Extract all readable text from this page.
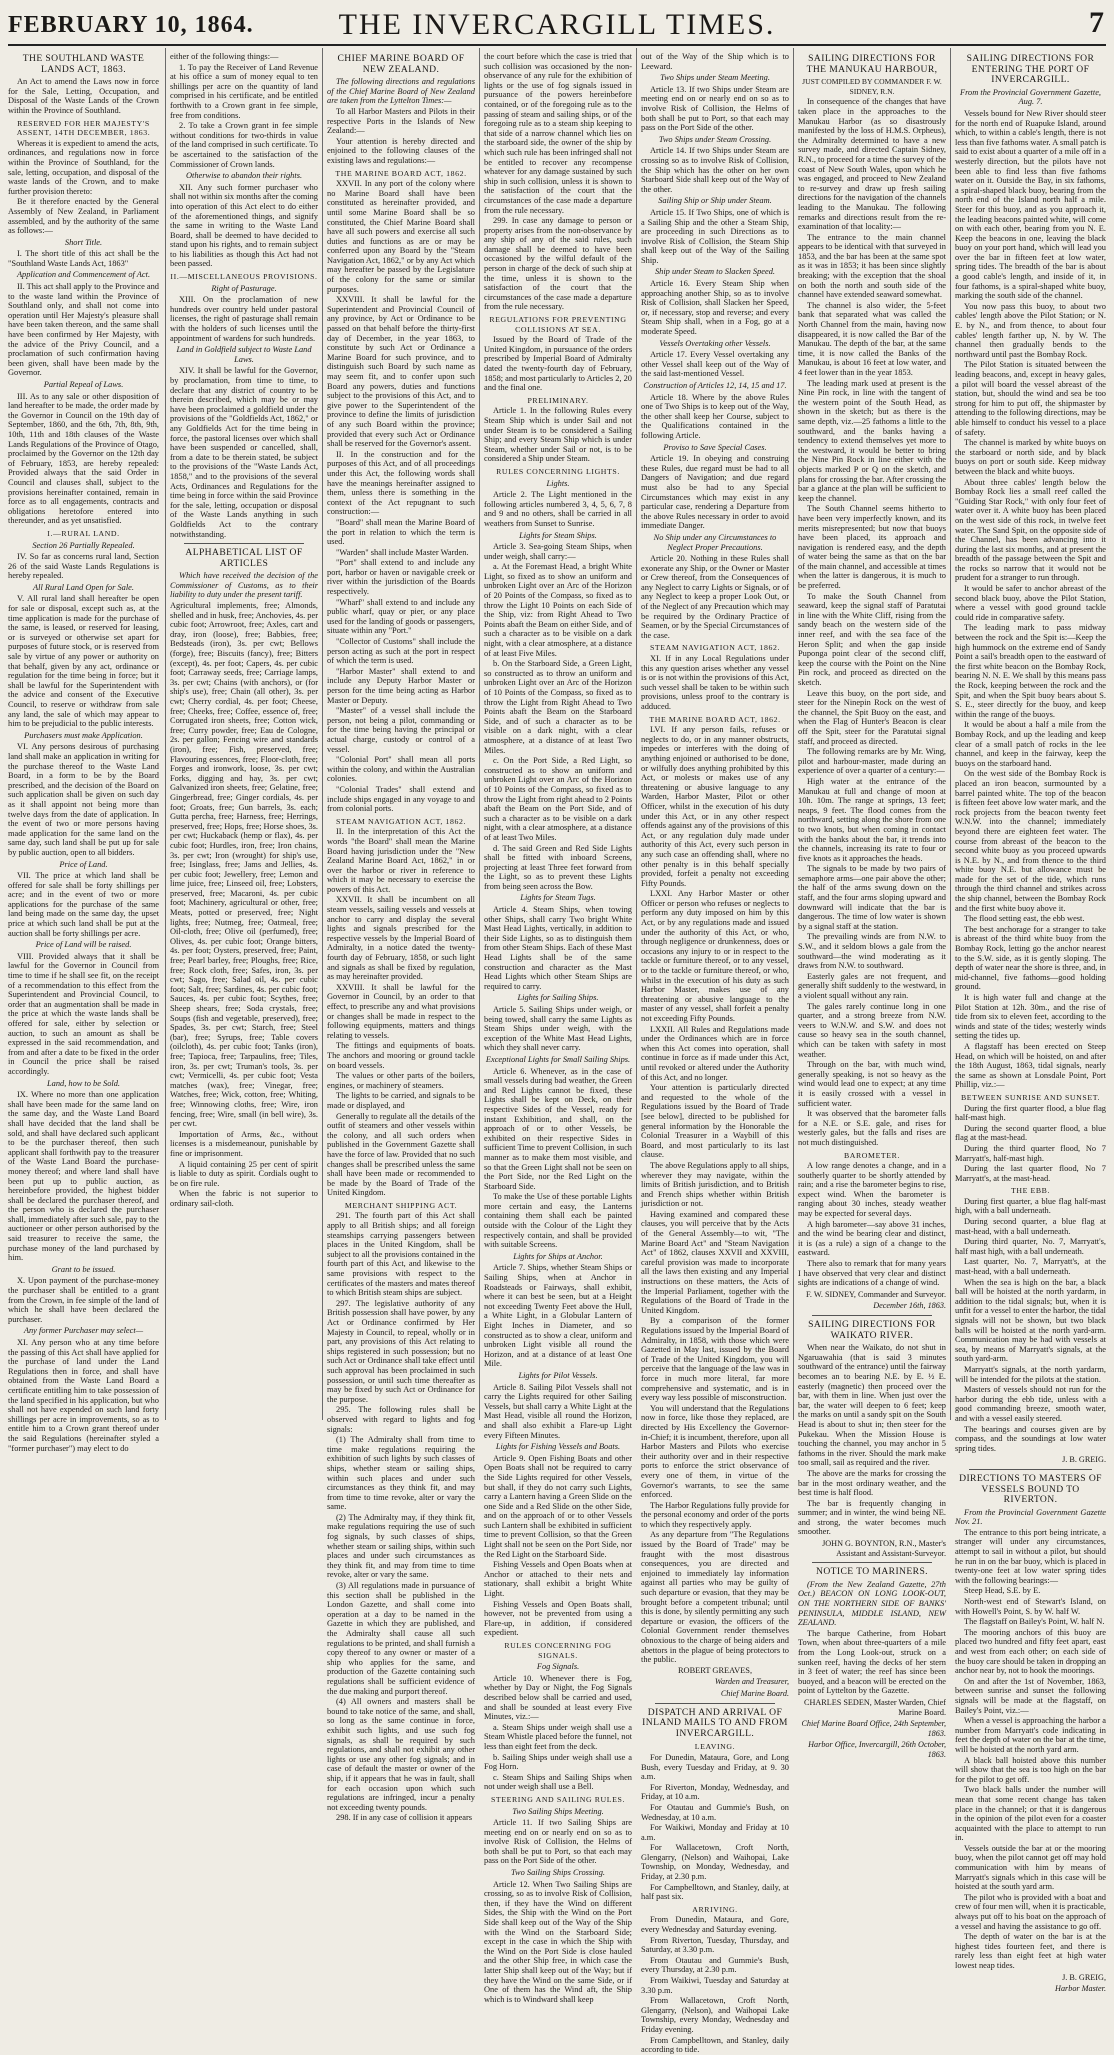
FEBRUARY 10, 1864.	THE INVERCARGILL TIMES.	7
THE SOUTHLAND WASTE LANDS ACT, 1863.

An Act to amend the Laws now in force for the Sale, Letting, Occupation, and Disposal of the Waste Lands of the Crown within the Province of Southland.

RESERVED FOR HER MAJESTY'S ASSENT, 14TH DECEMBER, 1863.

Whereas it is expedient to amend the acts, ordinances, and regulations now in force within the Province of Southland, for the sale, letting, occupation, and disposal of the waste lands of the Crown, and to make further provision thereto:

Be it therefore enacted by the General Assembly of New Zealand, in Parliament assembled, and by the authority of the same as follows:—

Short Title.

I. The short title of this act shall be the "Southland Waste Lands Act, 1863"

Application and Commencement of Act.

II. This act shall apply to the Province and to the waste land within the Province of Southland only, and shall not come into operation until Her Majesty's pleasure shall have been taken thereon, and the same shall have been confirmed by Her Majesty, with the advice of the Privy Council, and a proclamation of such confirmation having been given, shall have been made by the Governor.

Partial Repeal of Laws.

III. As to any sale or other disposition of land hereafter to be made, the order made by the Governor in Council on the 19th day of September, 1860, and the 6th, 7th, 8th, 9th, 10th, 11th and 18th clauses of the Waste Lands Regulations of the Province of Otago, proclaimed by the Governor on the 12th day of February, 1853, are hereby repealed: Provided always that the said Order in Council and clauses shall, subject to the provisions hereinafter contained, remain in force as to all engagements, contracts and obligations heretofore entered into thereunder, and as yet unsatisfied.

I.—RURAL LAND.
Section 26 Partially Repealed.

IV. So far as concerns rural land, Section 26 of the said Waste Lands Regulations is hereby repealed.

All Rural Land Open for Sale.

V. All rural land shall hereafter be open for sale or disposal, except such as, at the time application is made for the purchase of the same, is leased, or reserved for leasing, or is surveyed or otherwise set apart for purposes of future stock, or is reserved from sale by virtue of any power or authority on that behalf, given by any act, ordinance or regulation for the time being in force; but it shall be lawful for the Superintendent with the advice and consent of the Executive Council, to reserve or withdraw from sale any land, the sale of which may appear to him to be prejudicial to the public interests.

Purchasers must make Application.

VI. Any persons desirous of purchasing land shall make an application in writing for the purchase thereof to the Waste Land Board, in a form to be by the Board prescribed, and the decision of the Board on such application shall be given on such day as it shall appoint not being more than twelve days from the date of application. In the event of two or more persons having made application for the same land on the same day, such land shall be put up for sale by public auction, open to all bidders.

Price of Land.

VII. The price at which land shall be offered for sale shall be forty shillings per acre; and in the event of two or more applications for the purchase of the same land being made on the same day, the upset price at which such land shall be put at the auction shall be forty shillings per acre.

Price of Land will be raised.

VIII. Provided always that it shall be lawful for the Governor in Council from time to time if he shall see fit, on the receipt of a recommendation to this effect from the Superintendent and Provincial Council, to order that an augmentation shall be made in the price at which the waste lands shall be offered for sale, either by selection or auction, to such an amount as shall be expressed in the said recommendation, and from and after a date to be fixed in the order in Council the price shall be raised accordingly.

Land, how to be Sold.

IX. Where no more than one application shall have been made for the same land on the same day, and the Waste Land Board shall have decided that the land shall be sold, and shall have declared such applicant to be the purchaser thereof, then such applicant shall forthwith pay to the treasurer of the Waste Land Board the purchase-money thereof; and where land shall have been put up to public auction, as hereinbefore provided, the highest bidder shall be declared the purchaser thereof, and the person who is declared the purchaser shall, immediately after such sale, pay to the auctioneer or other person authorised by the said treasurer to receive the same, the purchase money of the land purchased by him.

Grant to be issued.

X. Upon payment of the purchase-money the purchaser shall be entitled to a grant from the Crown, in fee simple of the land of which he shall have been declared the purchaser.

Any former Purchaser may select—

XI. Any person who at any time before the passing of this Act shall have applied for the purchase of land under the Land Regulations then in force, and shall have obtained from the Waste Land Board a certificate entitling him to take possession of the land specified in his application, but who shall not have expended on such land forty shillings per acre in improvements, so as to entitle him to a Crown grant thereof under the said Regulations (hereinafter styled a "former purchaser") may elect to do

either of the following things:—

1. To pay the Receiver of Land Revenue at his office a sum of money equal to ten shillings per acre on the quantity of land comprised in his certificate, and be entitled forthwith to a Crown grant in fee simple, free from conditions.

2. To take a Crown grant in fee simple without conditions for two-thirds in value of the land comprised in such certificate. To be ascertained to the satisfaction of the Commissioner of Crown lands.

Otherwise to abandon their rights.

XII. Any such former purchaser who shall not within six months after the coming into operation of this Act elect to do either of the aforementioned things, and signify the same in writing to the Waste Land Board, shall be deemed to have decided to stand upon his rights, and to remain subject to his liabilities as though this Act had not been passed.

II.—MISCELLANEOUS PROVISIONS.
Right of Pasturage.

XIII. On the proclamation of new hundreds over country held under pastoral licenses, the right of pasturage shall remain with the holders of such licenses until the appointment of wardens for such hundreds.

Land in Goldfield subject to Waste Land Laws.

XIV. It shall be lawful for the Governor, by proclamation, from time to time, to declare that any district of country to be therein described, which may be or may have been proclaimed a goldfield under the provisions of the "Goldfields Act, 1862," or any Goldfields Act for the time being in force, the pastoral licenses over which shall have been suspended or cancelled, shall, from a date to be therein stated, be subject to the provisions of the "Waste Lands Act, 1858," and to the provisions of the several Acts, Ordinances and Regulations for the time being in force within the said Province for the sale, letting, occupation or disposal of the Waste Lands anything in such Goldfields Act to the contrary notwithstanding.

ALPHABETICAL LIST OF ARTICLES

Which have received the decision of the Commissioner of Customs, as to their liability to duty under the present tariff.

Agricultural implements, free; Almonds, shelled and in husk, free; Anchovies, 4s. per cubic foot; Arrowroot, free; Axles, cart and dray, iron (loose), free; Babbies, free; Bedsteads (iron), 3s. per cwt; Bellows (forge), free; Biscuits (fancy), free; Bitters (except), 4s. per foot; Capers, 4s. per cubic foot; Carraway seeds, free; Carriage lamps, 3s. per cwt; Chains (with anchors), or (for ship's use), free; Chain (all other), 3s. per cwt; Cherry cordial, 4s. per foot; Cheese, free; Cheeks, free; Coffee, essence of, free; Corrugated iron sheets, free; Cotton wick, free; Curry powder, free; Eau de Cologne, 2s. per gallon; Fencing wire and standards (iron), free; Fish, preserved, free; Flavouring essences, free; Floor-cloth, free; Forges and ironwork, loose, 3s. per cwt; Forks, digging and hay, 3s. per cwt; Galvanized iron sheets, free; Gelatine, free; Gingerbread, free; Ginger cordials, 4s. per foot; Groats, free; Gun barrels, 3s. each; Gutta percha, free; Harness, free; Herrings, preserved, free; Hops, free; Horse shoes, 3s. per cwt; Huckaback (hemp or flax), 4s. per cubic foot; Hurdles, iron, free; Iron chains, 3s. per cwt; Iron (wrought) for ship's use, free; Isinglass, free; Jams and Jellies, 4s. per cubic foot; Jewellery, free; Lemon and lime juice, free; Linseed oil, free; Lobsters, preserved, free; Macaroni, 4s. per cubic foot; Machinery, agricultural or other, free; Meats, potted or preserved, free; Night lights, free; Nutmeg, free; Oatmeal, free; Oil-cloth, free; Olive oil (perfumed), free; Olives, 4s. per cubic foot; Orange bitters, 4s. per foot; Oysters, preserved, free; Paint, free; Pearl barley, free; Ploughs, free; Rice, free; Rock cloth, free; Safes, iron, 3s. per cwt; Sago, free; Salad oil, 4s. per cubic foot; Salt, free; Sardines, 4s. per cubic foot; Sauces, 4s. per cubic foot; Scythes, free; Sheep shears, free; Soda crystals, free; Soups (fish and vegetable, preserved), free; Spades, 3s. per cwt; Starch, free; Steel (bar), free; Syrups, free; Table covers (oilcloth), 4s. per cubic foot; Tanks (iron), free; Tapioca, free; Tarpaulins, free; Tiles, iron, 3s. per cwt; Truman's tools, 3s. per cwt; Vermicelli, 4s. per cubic foot; Vesta matches (wax), free; Vinegar, free; Watches, free; Wick, cotton, free; Whiting, free; Winnowing cloths, free; Wire, iron fencing, free; Wire, small (in bell wire), 3s. per cwt.

Importation of Arms, &c., without licenses is a misdemeanour, punishable by fine or imprisonment.

A liquid containing 25 per cent of spirit is liable to duty as spirit. Cordials ought to be on fire rule.

When the fabric is not superior to ordinary sail-cloth.

CHIEF MARINE BOARD OF NEW ZEALAND.

The following directions and regulations of the Chief Marine Board of New Zealand are taken from the Lyttelton Times:—

To all Harbor Masters and Pilots in their respective Ports in the Islands of New Zealand:—

Your attention is hereby directed and enjoined to the following clauses of the existing laws and regulations:—

THE MARINE BOARD ACT, 1862.

XXVII. In any port of the colony where no Marine Board shall have been constituted as hereinafter provided, and until some Marine Board shall be so constituted, the Chief Marine Board shall have all such powers and exercise all such duties and functions as are or may be conferred upon any Board by the "Steam Navigation Act, 1862," or by any Act which may hereafter be passed by the Legislature of the colony for the same or similar purposes.

XXVIII. It shall be lawful for the Superintendent and Provincial Council of any province, by Act or Ordinance to be passed on that behalf before the thirty-first day of December, in the year 1863, to constitute by such Act or Ordinance a Marine Board for such province, and to distinguish such Board by such name as may seem fit, and to confer upon such Board any powers, duties and functions subject to the provisions of this Act, and to give power to the Superintendent of the province to define the limits of jurisdiction of any such Board within the province; provided that every such Act or Ordinance shall be reserved for the Governor's assent.

II. In the construction and for the purposes of this Act, and of all proceedings under this Act, the following words shall have the meanings hereinafter assigned to them, unless there is something in the context of the Act repugnant to such construction:—

"Board" shall mean the Marine Board of the port in relation to which the term is used.

"Warden" shall include Master Warden.

"Port" shall extend to and include any port, harbor or haven or navigable creek or river within the jurisdiction of the Boards respectively.

"Wharf" shall extend to and include any public wharf, quay or pier, or any place used for the landing of goods or passengers, situate within any "Port."

"Collector of Customs" shall include the person acting as such at the port in respect of which the term is used.

"Harbor Master" shall extend to and include any Deputy Harbor Master or person for the time being acting as Harbor Master or Deputy.

"Master" of a vessel shall include the person, not being a pilot, commanding or for the time being having the principal or actual charge, custody or control of a vessel.

"Colonial Port" shall mean all ports within the colony, and within the Australian colonies.

"Colonial Trades" shall extend and include ships engaged in any voyage to and from colonial ports.

STEAM NAVIGATION ACT, 1862.

II. In the interpretation of this Act the words "the Board" shall mean the Marine Board having jurisdiction under the "New Zealand Marine Board Act, 1862," in or over the harbor or river in reference to which it may be necessary to exercise the powers of this Act.

XXVII. It shall be incumbent on all steam vessels, sailing vessels and vessels at anchor to carry and display the several lights and signals prescribed for the respective vessels by the Imperial Board of Admiralty, in a notice dated the twenty-fourth day of February, 1858, or such light and signals as shall be fixed by regulation, as may hereinafter provided.

XXVIII. It shall be lawful for the Governor in Council, by an order to that effect, to prescribe any and what provisions or changes shall be made in respect to the following equipments, matters and things relating to vessels.

The fittings and equipments of boats. The anchors and mooring or ground tackle on board vessels.

The values or other parts of the boilers, engines, or machinery of steamers.

The lights to be carried, and signals to be made or displayed, and

Generally to regulate all the details of the outfit of steamers and other vessels within the colony, and all such orders when published in the Government Gazette shall have the force of law. Provided that no such changes shall be prescribed unless the same shall have been made or recommended to be made by the Board of Trade of the United Kingdom.

MERCHANT SHIPPING ACT.

291. The fourth part of this Act shall apply to all British ships; and all foreign steamships carrying passengers between places in the United Kingdom, shall be subject to all the provisions contained in the fourth part of this Act, and likewise to the same provisions with respect to the certificates of the masters and mates thereof to which British steam ships are subject.

297. The legislative authority of any British possession shall have power, by any Act or Ordinance confirmed by Her Majesty in Council, to repeal, wholly or in part, any provisions of this Act relating to ships registered in such possession; but no such Act or Ordinance shall take effect until such approval has been proclaimed in such possession, or until such time thereafter as may be fixed by such Act or Ordinance for the purpose.

295. The following rules shall be observed with regard to lights and fog signals:

(1) The Admiralty shall from time to time make regulations requiring the exhibition of such lights by such classes of ships, whether steam or sailing ships, within such places and under such circumstances as they think fit, and may from time to time revoke, alter or vary the same.

(2) The Admiralty may, if they think fit, make regulations requiring the use of such fog signals, by such classes of ships, whether steam or sailing ships, within such places and under such circumstances as they think fit, and may from time to time revoke, alter or vary the same.

(3) All regulations made in pursuance of this section shall be published in the London Gazette, and shall come into operation at a day to be named in the Gazette in which they are published, and the Admiralty shall cause all such regulations to be printed, and shall furnish a copy thereof to any owner or master of a ship who applies for the same, and production of the Gazette containing such regulations shall be sufficient evidence of the due making and purport thereof.

(4) All owners and masters shall be bound to take notice of the same, and shall, so long as the same continue in force, exhibit such lights, and use such fog signals, as shall be required by such regulations, and shall not exhibit any other lights or use any other fog signals; and in case of default the master or owner of the ship, if it appears that he was in fault, shall for each occasion upon which such regulations are infringed, incur a penalty not exceeding twenty pounds.

298. If in any case of collision it appears

the court before which the case is tried that such collision was occasioned by the non-observance of any rule for the exhibition of lights or the use of fog signals issued in pursuance of the powers hereinbefore contained, or of the foregoing rule as to the passing of steam and sailing ships, or of the foregoing rule as to a steam ship keeping to that side of a narrow channel which lies on the starboard side, the owner of the ship by which such rule has been infringed shall not be entitled to recover any recompense whatever for any damage sustained by such ship in such collision, unless it is shown to the satisfaction of the court that the circumstances of the case made a departure from the rule necessary.

299. In case any damage to person or property arises from the non-observance by any ship of any of the said rules, such damage shall be deemed to have been occasioned by the wilful default of the person in charge of the deck of such ship at the time, unless it is shown to the satisfaction of the court that the circumstances of the case made a departure from the rule necessary.

REGULATIONS FOR PREVENTING COLLISIONS AT SEA.

Issued by the Board of Trade of the United Kingdom, in pursuance of the orders prescribed by Imperial Board of Admiralty dated the twenty-fourth day of February, 1858; and most particularly to Articles 2, 20 and the final one.

PRELIMINARY.

Article 1. In the following Rules every Steam Ship which is under Sail and not under Steam is to be considered a Sailing Ship; and every Steam Ship which is under Steam, whether under Sail or not, is to be considered a Ship under Steam.

RULES CONCERNING LIGHTS.
Lights.

Article 2. The Light mentioned in the following articles numbered 3, 4, 5, 6, 7, 8 and 9 and no others, shall be carried in all weathers from Sunset to Sunrise.

Lights for Steam Ships.

Article 3. Sea-going Steam Ships, when under weigh, shall carry:—

a. At the Foremast Head, a bright White Light, so fixed as to show an uniform and unbroken Light over an Arc of the Horizon of 20 Points of the Compass, so fixed as to throw the Light 10 Points on each Side of the Ship, viz: from Right Ahead to Two Points abaft the Beam on either Side, and of such a character as to be visible on a dark night, with a clear atmosphere, at a distance of at least Five Miles.

b. On the Starboard Side, a Green Light, so constructed as to throw an uniform and unbroken Light over an Arc of the Horizon of 10 Points of the Compass, so fixed as to throw the Light from Right Ahead to Two Points abaft the Beam on the Starboard Side, and of such a character as to be visible on a dark night, with a clear atmosphere, at a distance of at least Two Miles.

c. On the Port Side, a Red Light, so constructed as to show an uniform and unbroken Light over an Arc of the Horizon of 10 Points of the Compass, so fixed as to throw the Light from right ahead to 2 Points abaft the Beam on the Port Side, and of such a character as to be visible on a dark night, with a clear atmosphere, at a distance of at least Two Miles.

d. The said Green and Red Side Lights shall be fitted with inboard Screens, projecting at least Three feet forward from the Light, so as to prevent these Lights from being seen across the Bow.

Lights for Steam Tugs.

Article 4. Steam Ships, when towing other Ships, shall carry Two bright White Mast Head Lights, vertically, in addition to their Side Lights, so as to distinguish them from other Steam Ships. Each of these Mast Head Lights shall be of the same construction and character as the Mast Head Lights which other Steam Ships are required to carry.

Lights for Sailing Ships.

Article 5. Sailing Ships under weigh, or being towed, shall carry the same Lights as Steam Ships under weigh, with the exception of the White Mast Head Lights, which they shall never carry.

Exceptional Lights for Small Sailing Ships.

Article 6. Whenever, as in the case of small vessels during bad weather, the Green and Red Lights cannot be fixed, these Lights shall be kept on Deck, on their respective Sides of the Vessel, ready for instant Exhibition, and shall, on the approach of or to other Vessels, be exhibited on their respective Sides in sufficient Time to prevent Collision, in such manner as to make them most visible, and so that the Green Light shall not be seen on the Port Side, nor the Red Light on the Starboard Side.

To make the Use of these portable Lights more certain and easy, the Lanterns containing them shall each be painted outside with the Colour of the Light they respectively contain, and shall be provided with suitable Screens.

Lights for Ships at Anchor.

Article 7. Ships, whether Steam Ships or Sailing Ships, when at Anchor in Roadsteads or Fairways, shall exhibit, where it can best be seen, but at a Height not exceeding Twenty Feet above the Hull, a White Light, in a Globular Lantern of Eight Inches in Diameter, and so constructed as to show a clear, uniform and unbroken Light visible all round the Horizon, and at a distance of at least One Mile.

Lights for Pilot Vessels.

Article 8. Sailing Pilot Vessels shall not carry the Lights required for other Sailing Vessels, but shall carry a White Light at the Mast Head, visible all round the Horizon, and shall also exhibit a Flare-up Light every Fifteen Minutes.

Lights for Fishing Vessels and Boats.

Article 9. Open Fishing Boats and other Open Boats shall not be required to carry the Side Lights required for other Vessels, but shall, if they do not carry such Lights, carry a Lantern having a Green Slide on the one Side and a Red Slide on the other Side, and on the approach of or to other Vessels such Lantern shall be exhibited in sufficient time to prevent Collision, so that the Green Light shall not be seen on the Port Side, nor the Red Light on the Starboard Side.

Fishing Vessels and Open Boats when at Anchor or attached to their nets and stationary, shall exhibit a bright White Light.

Fishing Vessels and Open Boats shall, however, not be prevented from using a Flare-up, in addition, if considered expedient.

RULES CONCERNING FOG SIGNALS.
Fog Signals.

Article 10. Whenever there is Fog, whether by Day or Night, the Fog Signals described below shall be carried and used, and shall be sounded at least every Five Minutes, viz.:—

a. Steam Ships under weigh shall use a Steam Whistle placed before the funnel, not less than eight feet from the deck.

b. Sailing Ships under weigh shall use a Fog Horn.

c. Steam Ships and Sailing Ships when not under weigh shall use a Bell.

STEERING AND SAILING RULES.
Two Sailing Ships Meeting.

Article 11. If two Sailing Ships are meeting end on or nearly end on so as to involve Risk of Collision, the Helms of both shall be put to Port, so that each may pass on the Port Side of the other.

Two Sailing Ships Crossing.

Article 12. When Two Sailing Ships are crossing, so as to involve Risk of Collision, then, if they have the Wind on different Sides, the Ship with the Wind on the Port Side shall keep out of the Way of the Ship with the Wind on the Starboard Side; except in the case in which the Ship with the Wind on the Port Side is close hauled and the other Ship free, in which case the latter Ship shall keep out of the Way; but if they have the Wind on the same Side, or if One of them has the Wind aft, the Ship which is to Windward shall keep

out of the Way of the Ship which is to Leeward.

Two Ships under Steam Meeting.

Article 13. If two Ships under Steam are meeting end on or nearly end on so as to involve Risk of Collision, the Helms of both shall be put to Port, so that each may pass on the Port Side of the other.

Two Ships under Steam Crossing.

Article 14. If two Ships under Steam are crossing so as to involve Risk of Collision, the Ship which has the other on her own Starboard Side shall keep out of the Way of the other.

Sailing Ship or Ship under Steam.

Article 15. If Two Ships, one of which is a Sailing Ship and the other a Steam Ship, are proceeding in such Directions as to involve Risk of Collision, the Steam Ship shall keep out of the Way of the Sailing Ship.

Ship under Steam to Slacken Speed.

Article 16. Every Steam Ship when approaching another Ship, so as to involve Risk of Collision, shall Slacken her Speed, or, if necessary, stop and reverse; and every Steam Ship shall, when in a Fog, go at a moderate Speed.

Vessels Overtaking other Vessels.

Article 17. Every Vessel overtaking any other Vessel shall keep out of the Way of the said last-mentioned Vessel.

Construction of Articles 12, 14, 15 and 17.

Article 18. Where by the above Rules one of Two Ships is to keep out of the Way, the other shall keep her Course, subject to the Qualifications contained in the following Article.

Proviso to Save Special Cases.

Article 19. In obeying and construing these Rules, due regard must be had to all Dangers of Navigation; and due regard must also be had to any Special Circumstances which may exist in any particular case, rendering a Departure from the above Rules necessary in order to avoid immediate Danger.

No Ship under any Circumstances to Neglect Proper Precautions.

Article 20. Nothing in these Rules shall exonerate any Ship, or the Owner or Master or Crew thereof, from the Consequences of any Neglect to carry Lights or Signals, or of any Neglect to keep a proper Look Out, or of the Neglect of any Precaution which may be required by the Ordinary Practice of Seamen, or by the Special Circumstances of the case.

STEAM NAVIGATION ACT, 1862.

XI. If in any Local Regulations under this any question arises whether any vessel is or is not within the provisions of this Act, such vessel shall be taken to be within such provisions, unless proof to the contrary is adduced.

THE MARINE BOARD ACT, 1862.

LVI. If any person fails, refuses or neglects to do, or in any manner obstructs, impedes or interferes with the doing of anything enjoined or authorised to be done, or wilfully does anything prohibited by this Act, or molests or makes use of any threatening or abusive language to any Warden, Harbor Master, Pilot or other Officer, whilst in the execution of his duty under this Act, or in any other respect offends against any of the provisions of this Act, or any regulation duly made under authority of this Act, every such person in any such case an offending shall, where no other penalty is in this behalf specially provided, forfeit a penalty not exceeding Fifty Pounds.

LXXI. Any Harbor Master or other Officer or person who refuses or neglects to perform any duty imposed on him by this Act, or by any regulations made and issued under the authority of this Act, or who, through negligence or drunkenness, does or occasions any injury to or in respect to the tackle or furniture thereof, or to any vessel, or to the tackle or furniture thereof, or who, whilst in the execution of his duty as such Harbor Master, makes use of any threatening or abusive language to the master of any vessel, shall forfeit a penalty not exceeding Fifty Pounds.

LXXII. All Rules and Regulations made under the Ordinances which are in force when this Act comes into operation, shall continue in force as if made under this Act, until revoked or altered under the Authority of this Act, and no longer.

Your attention is particularly directed and requested to the whole of the Regulations issued by the Board of Trade [see below], directed to be published for general information by the Honorable the Colonial Treasurer in a Waybill of this Board, and most particularly to its last clause.

The above Regulations apply to all ships, wherever they may navigate, within the limits of British jurisdiction, and to British and French ships whether within British jurisdiction or not.

Having examined and compared these clauses, you will perceive that by the Acts of the General Assembly—to wit, "The Marine Board Act" and "Steam Navigation Act" of 1862, clauses XXVII and XXVIII, careful provision was made to incorporate all the laws then existing and any Imperial instructions on these matters, the Acts of the Imperial Parliament, together with the Regulations of the Board of Trade in the United Kingdom.

By a comparison of the former Regulations issued by the Imperial Board of Admiralty, in 1858, with those which were Gazetted in May last, issued by the Board of Trade of the United Kingdom, you will perceive that the language of the law was in force in much more literal, far more comprehensive and systematic, and is in every way less possible of misconstruction.

You will understand that the Regulations now in force, like those they replaced, are directed by His Excellency the Governor-in-Chief; it is incumbent, therefore, upon all Harbor Masters and Pilots who exercise their authority over and in their respective ports to enforce the strict observance of every one of them, in virtue of the Governor's warrants, to see the same enforced.

The Harbor Regulations fully provide for the personal economy and order of the ports to which they respectively apply.

As any departure from "The Regulations issued by the Board of Trade" may be fraught with the most disastrous consequences, you are directed and enjoined to immediately lay information against all parties who may be guilty of such departure or evasion, that they may be brought before a competent tribunal; until this is done, by silently permitting any such departure or evasion, the officers of the Colonial Government render themselves obnoxious to the charge of being aiders and abettors in the plague of being protectors to the public.

ROBERT GREAVES,
Warden and Treasurer,
Chief Marine Board.
DISPATCH AND ARRIVAL OF INLAND MAILS TO AND FROM INVERCARGILL.
LEAVING.

For Dunedin, Mataura, Gore, and Long Bush, every Tuesday and Friday, at 9. 30 a.m.

For Riverton, Monday, Wednesday, and Friday, at 10 a.m.

For Otautau and Gummie's Bush, on Wednesday, at 10 a.m.

For Waikiwi, Monday and Friday at 10 a.m.

For Wallacetown, Croft North, Glengarry, (Nelson) and Waihopai, Lake Township, on Monday, Wednesday, and Friday, at 2.30 p.m.

For Campbelltown, and Stanley, daily, at half past six.

ARRIVING.

From Dunedin, Mataura, and Gore, every Wednesday and Saturday evening.

From Riverton, Tuesday, Thursday, and Saturday, at 3.30 p.m.

From Otautau and Gummie's Bush, every Thursday, at 2.30 p.m.

From Waikiwi, Tuesday and Saturday at 3.30 p.m.

From Wallacetown, Croft North, Glengarry, (Nelson), and Waihopai Lake Township, every Monday, Wednesday and Friday evening.

From Campbelltown, and Stanley, daily according to tide.

SAILING DIRECTIONS FOR THE MANUKAU HARBOUR,
JUST COMPILED BY COMMANDER F. W. SIDNEY, R.N.

In consequence of the changes that have taken place in the approaches to the Manukau Harbor (as so disastrously manifested by the loss of H.M.S. Orpheus), the Admiralty determined to have a new survey made, and directed Captain Sidney, R.N., to proceed for a time the survey of the coast of New South Wales, upon which he was engaged, and proceed to New Zealand to re-survey and draw up fresh sailing directions for the navigation of the channels leading to the Manukau. The following remarks and directions result from the re-examination of that locality:—

The entrance to the main channel appears to be identical with that surveyed in 1853, and the bar has been at the same spot as it was in 1853; it has been since slightly breaking; with the exception that the shoal on both the north and south side of the channel have extended seaward somewhat.

The channel is also wider, the 5-feet bank that separated what was called the North Channel from the main, having now disappeared, it is now called the Bar of the Manukau. The depth of the bar, at the same time, it is now called the Banks of the Manukau, is about 16 feet at low water, and 4 feet lower than in the year 1853.

The leading mark used at present is the Nine Pin rock, in line with the tangent of the western point of the South Head, as shown in the sketch; but as there is the same depth, viz.—25 fathoms a little to the southward, and the banks having a tendency to extend themselves yet more to the westward, it would be better to bring the Nine Pin Rock in line either with the objects marked P or Q on the sketch, and plans for crossing the bar. After crossing the bar a glance at the plan will be sufficient to keep the channel.

The South Channel seems hitherto to have been very imperfectly known, and its merits misrepresented; but now that buoys have been placed, its approach and navigation is rendered easy, and the depth of water being the same as that on the bar of the main channel, and accessible at times when the latter is dangerous, it is much to be preferred.

To make the South Channel from seaward, keep the signal staff of Paratutai in line with the White Cliff, rising from the sandy beach on the western side of the inner reef, and with the sea face of the Heron Split; and when the gap inside Puponga point clear of the second cliff, keep the course with the Point on the Nine Pin rock, and proceed as directed on the sketch.

Leave this buoy, on the port side, and steer for the Ninepin Rock on the west of the channel, the Spit Buoy on the east, and when the Flag of Hunter's Beacon is clear off the Spit, steer for the Paratutai signal staff, and proceed as directed.

The following remarks are by Mr. Wing, pilot and harbour-master, made during an experience of over a quarter of a century:—

High water at the entrance of the Manukau at full and change of moon at 10h. 10m. The range at springs, 13 feet; neaps, 9 feet. The flood comes from the northward, setting along the shore from one to two knots, but when coming in contact with the banks about the bar, it trends into the channels, increasing its rate to four or five knots as it approaches the heads.

The signals to be made by two pairs of semaphore arms—one pair above the other; the half of the arms swung down on the staff, and the four arms sloping upward and downward will indicate that the bar is dangerous. The time of low water is shown by a signal staff at the station.

The prevailing winds are from N.W. to S.W., and it seldom blows a gale from the southward—the wind moderating as it draws from N.W. to southward.

Easterly gales are not frequent, and generally shift suddenly to the westward, in a violent squall without any rain.

The gales rarely continue long in one quarter, and a strong breeze from N.W. veers to W.N.W. and S.W. and does not cause so heavy sea in the south channel, which can be taken with safety in most weather.

Through on the bar, with much wind, generally speaking, is not so heavy as the wind would lead one to expect; at any time it is easily crossed with a vessel in sufficient water.

It was observed that the barometer falls for a N.E. or S.E. gale, and rises for westerly gales, but the falls and rises are not much distinguished.

BAROMETER.

A low range denotes a change, and in a southerly quarter to be shortly attended by rain; and a rise the barometer begins to rise, expect wind. When the barometer is ranging about 30 inches, steady weather may be expected for several days.

A high barometer—say above 31 inches, and the wind be bearing clear and distinct, it is (as a rule) a sign of a change to the eastward.

There also to remark that for many years I have observed that very clear and distinct sights are indications of a change of wind.

F. W. SIDNEY, Commander and Surveyor.
December 16th, 1863.
SAILING DIRECTIONS FOR WAIKATO RIVER.

When near the Waikato, do not shut in Ngaruawahia (that is said 3 minutes southward of the entrance) until the fairway becomes an to bearing N.E. by E. ½ E. easterly (magnetic) then proceed over the bar, with them in line. When just over the bar, the water will deepen to 6 feet; keep the marks on until a sandy spit on the South Head is about to shut in; then steer for the Pukekau. When the Mission House is touching the channel, you may anchor in 5 fathoms in the river. Should the mark make too small, sail as required and the river.

The above are the marks for crossing the bar in the most ordinary weather, and the best time is half flood.

The bar is frequently changing in summer; and in winter, the wind being NE. and strong, the water becomes much smoother.

JOHN G. BOYNTON, R.N., Master's Assistant and Assistant-Surveyor.
NOTICE TO MARINERS.

(From the New Zealand Gazette, 27th Oct.) BEACON ON LONG LOOK-OUT, ON THE NORTHERN SIDE OF BANKS' PENINSULA, MIDDLE ISLAND, NEW ZEALAND.

The barque Catherine, from Hobart Town, when about three-quarters of a mile from the Long Look-out, struck on a sunken reef, having the decks of her stern in 3 feet of water; the reef has since been buoyed, and a beacon will be erected on the point of Lyttelton by the Gazette.

CHARLES SEDEN, Master Warden, Chief Marine Board.
Chief Marine Board Office, 24th September, 1863.
Harbor Office, Invercargill, 26th October, 1863.
SAILING DIRECTIONS FOR ENTERING THE PORT OF INVERCARGILL.
From the Provincial Government Gazette, Aug. 7.

Vessels bound for New River should steer for the north end of Ruapuke Island, around which, to within a cable's length, there is not less than five fathoms water. A small patch is said to exist about a quarter of a mile off in a westerly direction, but the pilots have not been able to find less than five fathoms water on it. Outside the Bay, in six fathoms, a spiral-shaped black buoy, bearing from the north end of the Island north half a mile. Steer for this buoy, and as you approach it, the leading beacons painted white, will come on with each other, bearing from you N. E. Keep the beacons in one, leaving the black buoy on your port hand, which will lead you over the bar in fifteen feet at low water, spring tides. The breadth of the bar is about a good cable's length, and inside of it, in four fathoms, is a spiral-shaped white buoy, marking the south side of the channel.

You now pass this buoy, to about two cables' length above the Pilot Station; or N. E. by N., and from thence, to about four cables' length farther up, N. by W. The channel then gradually bends to the northward until past the Bombay Rock.

The Pilot Station is situated between the leading beacons, and, except in heavy gales, a pilot will board the vessel abreast of the station, but, should the wind and sea be too strong for him to put off, the shipmaster by attending to the following directions, may be able himself to conduct his vessel to a place of safety.

The channel is marked by white buoys on the starboard or north side, and by black buoys on port or south side. Keep midway between the black and white buoys.

About three cables' length below the Bombay Rock lies a small reef called the "Guiding Star Rock," with only four feet of water over it. A white buoy has been placed on the west side of this rock, in twelve feet water. The Sand Spit, on the opposite side of the Channel, has been advancing into it during the last six months, and at present the breadth of the passage between the Spit and the rocks so narrow that it would not be prudent for a stranger to run through.

It would be safer to anchor abreast of the second black buoy, above the Pilot Station, where a vessel with good ground tackle could ride in comparative safety.

The leading mark to pass midway between the rock and the Spit is:—Keep the high hummock on the extreme end of Sandy Point a sail's breadth open to the eastward of the first white beacon on the Bombay Rock, bearing N. N. E. We shall by this means pass the Rock, keeping between the rock and the Spit, and when the Spit buoy bears about S. S. E., steer directly for the buoy, and keep within the range of the buoys.

It would be about a half a mile from the Bombay Rock, and up the leading and keep clear of a small patch of rocks in the lee channel, and keep in the fairway, keep the buoys on the starboard hand.

On the west side of the Bombay Rock is placed an iron beacon, surmounted by a barrel painted white. The top of the beacon is fifteen feet above low water mark, and the rock projects from the beacon twenty feet W.N.W. into the channel; immediately beyond there are eighteen feet water. The course from abreast of the beacon to the second white buoy as you proceed upwards is N.E. by N., and from thence to the third white buoy N.E. but allowance must be made for the set of the tide, which runs through the third channel and strikes across the ship channel, between the Bombay Rock and the first white buoy above it.

The flood setting east, the ebb west.

The best anchorage for a stranger to take is abreast of the third white buoy from the Bombay Rock, letting go the anchor nearest to the S.W. side, as it is gently sloping. The depth of water near the shore is three, and, in mid-channel, five fathoms—good holding ground.

It is high water full and change at the Pilot Station at 12h. 30m., and the rise of tide from six to eleven feet, according to the winds and state of the tides; westerly winds setting the tides up.

A flagstaff has been erected on Steep Head, on which will be hoisted, on and after the 18th August, 1863, tidal signals, nearly the same as shown at Lonsdale Point, Port Phillip, viz.:—

BETWEEN SUNRISE AND SUNSET.

During the first quarter flood, a blue flag half-mast high.

During the second quarter flood, a blue flag at the mast-head.

During the third quarter flood, No 7 Marryatt's, half-mast high.

During the last quarter flood, No 7 Marryatt's, at the mast-head.

THE EBB.

During first quarter, a blue flag half-mast high, with a ball underneath.

During second quarter, a blue flag at mast-head, with a ball underneath.

During third quarter, No. 7, Marryatt's, half mast high, with a ball underneath.

Last quarter, No. 7, Marryatt's, at the mast-head, with a ball underneath.

When the sea is high on the bar, a black ball will be hoisted at the north yardarm, in addition to the tidal signals; but, when it is unfit for a vessel to enter the harbor, the tidal signals will not be shown, but two black balls will be hoisted at the north yard-arm. Communication may be had with vessels at sea, by means of Marryatt's signals, at the south yard-arm.

Marryatt's signals, at the north yardarm, will be intended for the pilots at the station.

Masters of vessels should not run for the harbor during the ebb tide, unless with a good commanding breeze, smooth water, and with a vessel easily steered.

The bearings and courses given are by compass, and the soundings at low water spring tides.

J. B. GREIG.
DIRECTIONS TO MASTERS OF VESSELS BOUND TO RIVERTON.

From the Provincial Government Gazette Nov. 21.

The entrance to this port being intricate, a stranger will under any circumstances, attempt to sail in without a pilot, but should he run in on the bar buoy, which is placed in twenty-one feet at low water spring tides with the following bearings:—

Steep Head, S.E. by E.

North-west end of Stewart's Island, on with Howell's Point, S. by W. half W.

The flagstaff on Bailey's Point, W. half N.

The mooring anchors of this buoy are placed two hundred and fifty feet apart, east and west from each other; on each side of the buoy care should be taken in dropping an anchor near by, not to hook the moorings.

On and after the 1st of November, 1863, between sunrise and sunset the following signals will be made at the flagstaff, on Bailey's Point, viz.:—

When a vessel is approaching the harbor a number from Marryatt's code indicating in feet the depth of water on the bar at the time, will be hoisted at the north yard arm.

A black ball hoisted above this number will show that the sea is too high on the bar for the pilot to get off.

Two black balls under the number will mean that some recent change has taken place in the channel; or that it is dangerous in the opinion of the pilot even for a coaster acquainted with the place to attempt to run in.

Vessels outside the bar at or the mooring buoy, when the pilot cannot get off may hold communication with him by means of Marryatt's signals which in this case will be hoisted at the south yard arm.

The pilot who is provided with a boat and crew of four men will, when it is practicable, always put off to his boat on the approach of a vessel and having the assistance to go off.

The depth of water on the bar is at the highest tides fourteen feet, and there is rarely less than eight feet at high water lowest neap tides.

J. B. GREIG,
Harbor Master.
